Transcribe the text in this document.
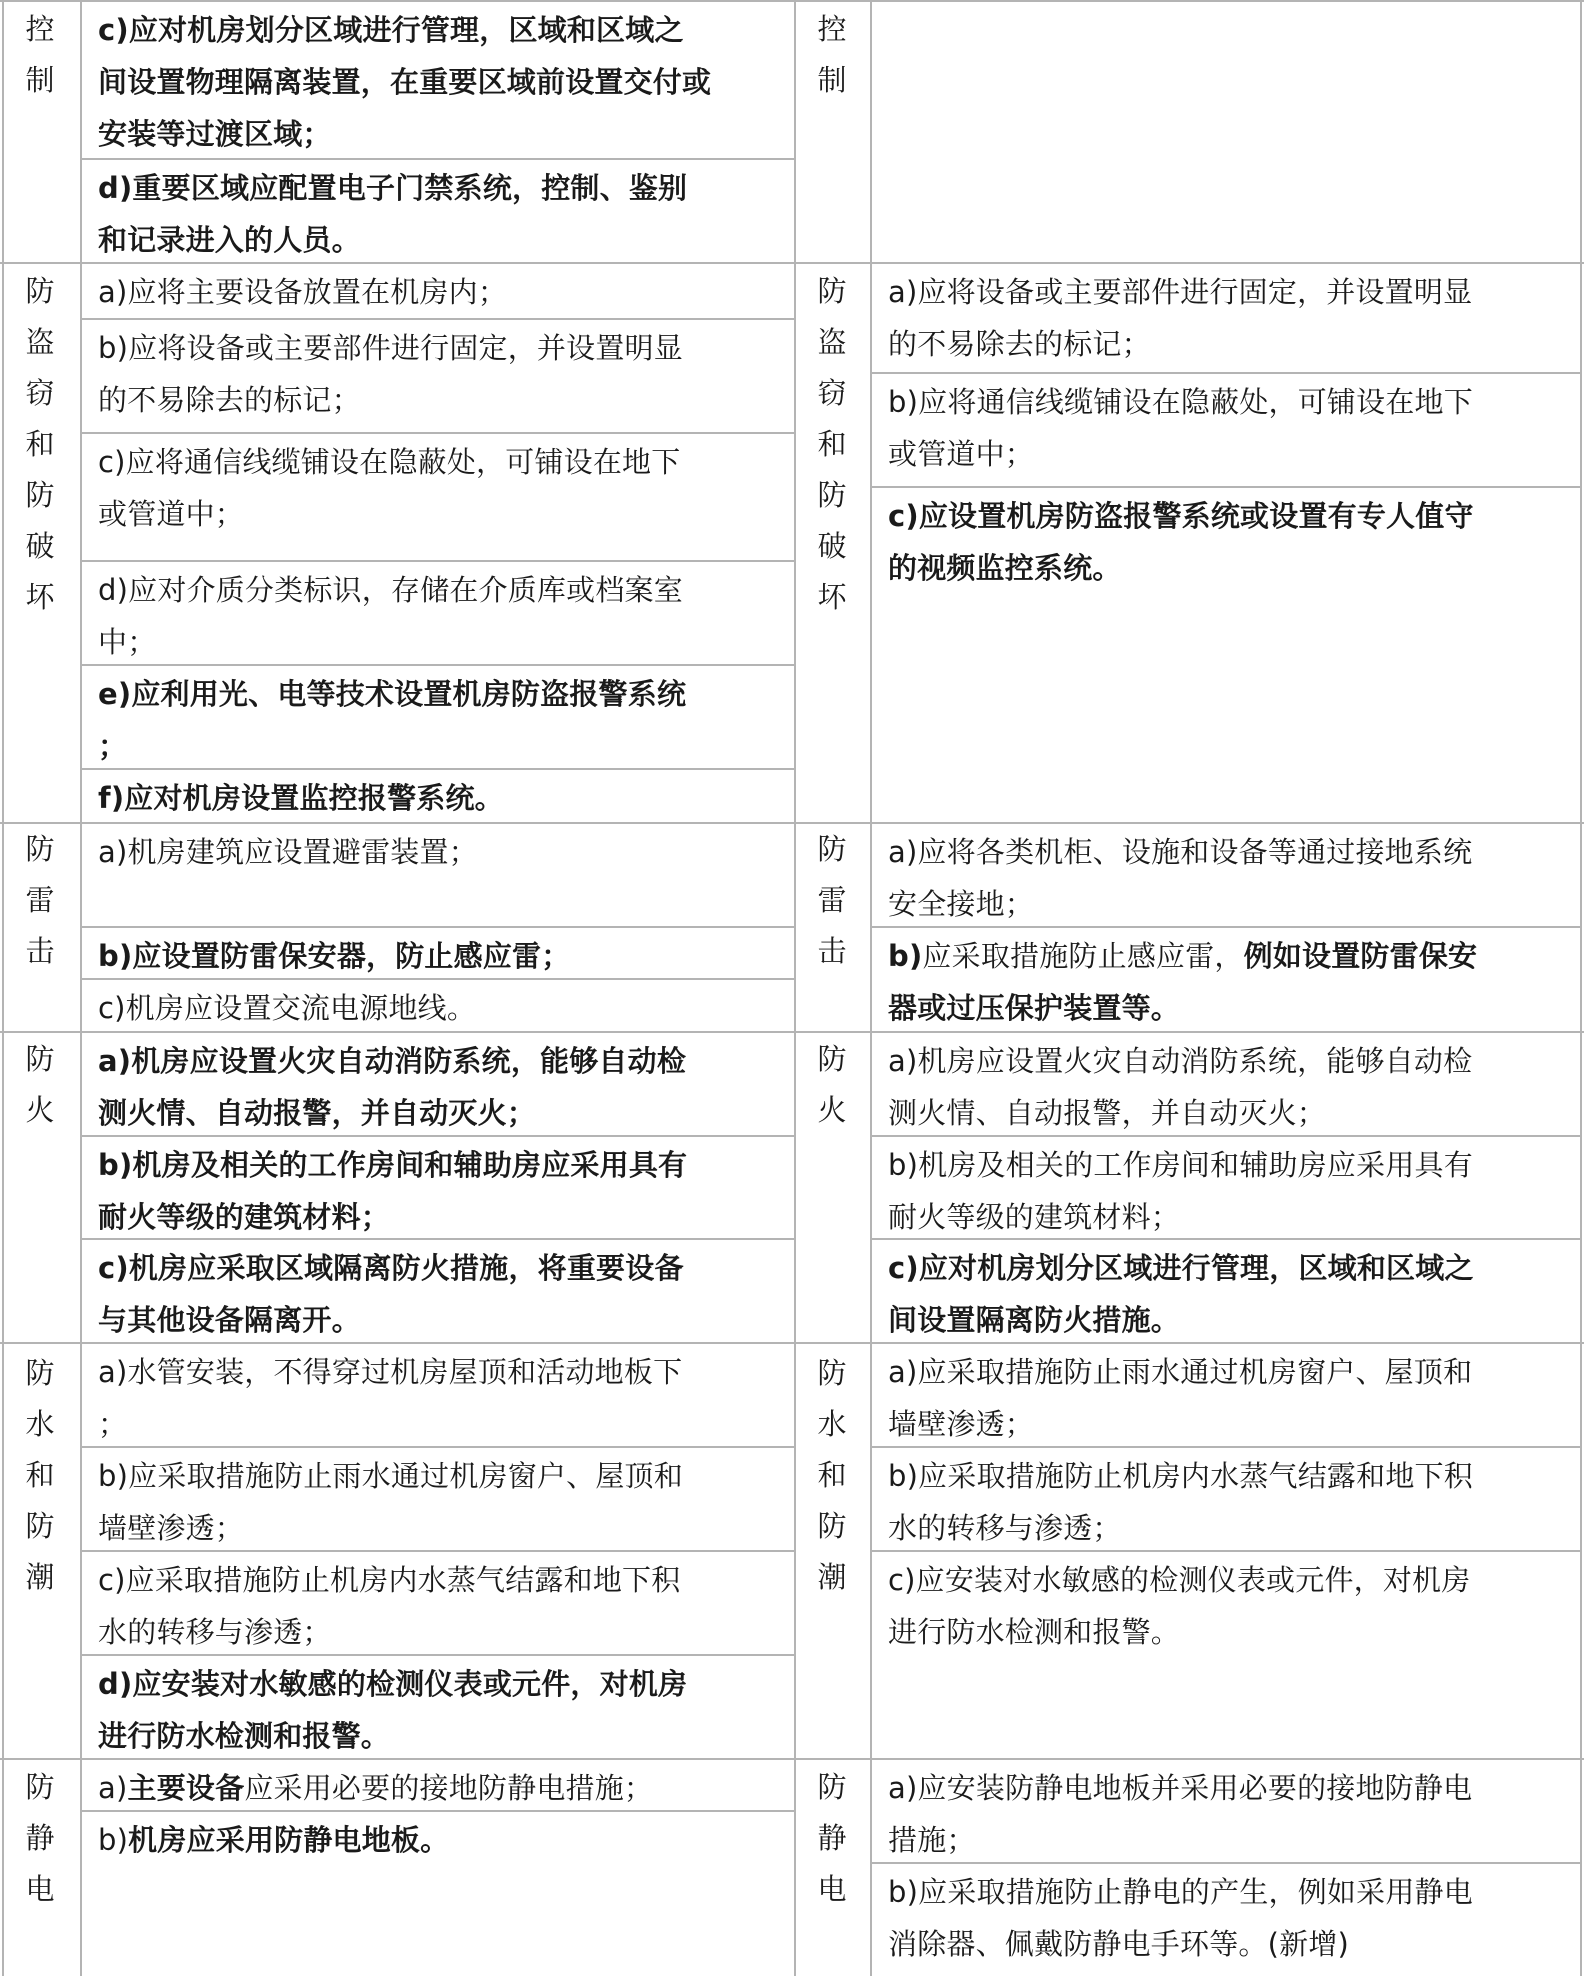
控制
控制
c)应对机房划分区域进行管理，区域和区域之
间设置物理隔离装置，在重要区域前设置交付或
安装等过渡区域；
d)重要区域应配置电子门禁系统，控制、鉴别
和记录进入的人员。
防盗窃和防破坏
防盗窃和防破坏
a)应将主要设备放置在机房内；
b)应将设备或主要部件进行固定，并设置明显
的不易除去的标记；
c)应将通信线缆铺设在隐蔽处，可铺设在地下
或管道中；
d)应对介质分类标识，存储在介质库或档案室
中；
e)应利用光、电等技术设置机房防盗报警系统
；
f)应对机房设置监控报警系统。
a)应将设备或主要部件进行固定，并设置明显
的不易除去的标记；
b)应将通信线缆铺设在隐蔽处，可铺设在地下
或管道中；
c)应设置机房防盗报警系统或设置有专人值守
的视频监控系统。
防雷击
防雷击
a)机房建筑应设置避雷装置；
b)应设置防雷保安器，防止感应雷；
c)机房应设置交流电源地线。
a)应将各类机柜、设施和设备等通过接地系统
安全接地；
b)应采取措施防止感应雷，例如设置防雷保安
器或过压保护装置等。
防火
防火
a)机房应设置火灾自动消防系统，能够自动检
测火情、自动报警，并自动灭火；
b)机房及相关的工作房间和辅助房应采用具有
耐火等级的建筑材料；
c)机房应采取区域隔离防火措施，将重要设备
与其他设备隔离开。
a)机房应设置火灾自动消防系统，能够自动检
测火情、自动报警，并自动灭火；
b)机房及相关的工作房间和辅助房应采用具有
耐火等级的建筑材料；
c)应对机房划分区域进行管理，区域和区域之
间设置隔离防火措施。
防水和防潮
防水和防潮
a)水管安装，不得穿过机房屋顶和活动地板下
；
b)应采取措施防止雨水通过机房窗户、屋顶和
墙壁渗透；
c)应采取措施防止机房内水蒸气结露和地下积
水的转移与渗透；
d)应安装对水敏感的检测仪表或元件，对机房
进行防水检测和报警。
a)应采取措施防止雨水通过机房窗户、屋顶和
墙壁渗透；
b)应采取措施防止机房内水蒸气结露和地下积
水的转移与渗透；
c)应安装对水敏感的检测仪表或元件，对机房
进行防水检测和报警。
防静电
防静电
a)主要设备应采用必要的接地防静电措施；
b)机房应采用防静电地板。
a)应安装防静电地板并采用必要的接地防静电
措施；
b)应采取措施防止静电的产生，例如采用静电
消除器、佩戴防静电手环等。(新增)
